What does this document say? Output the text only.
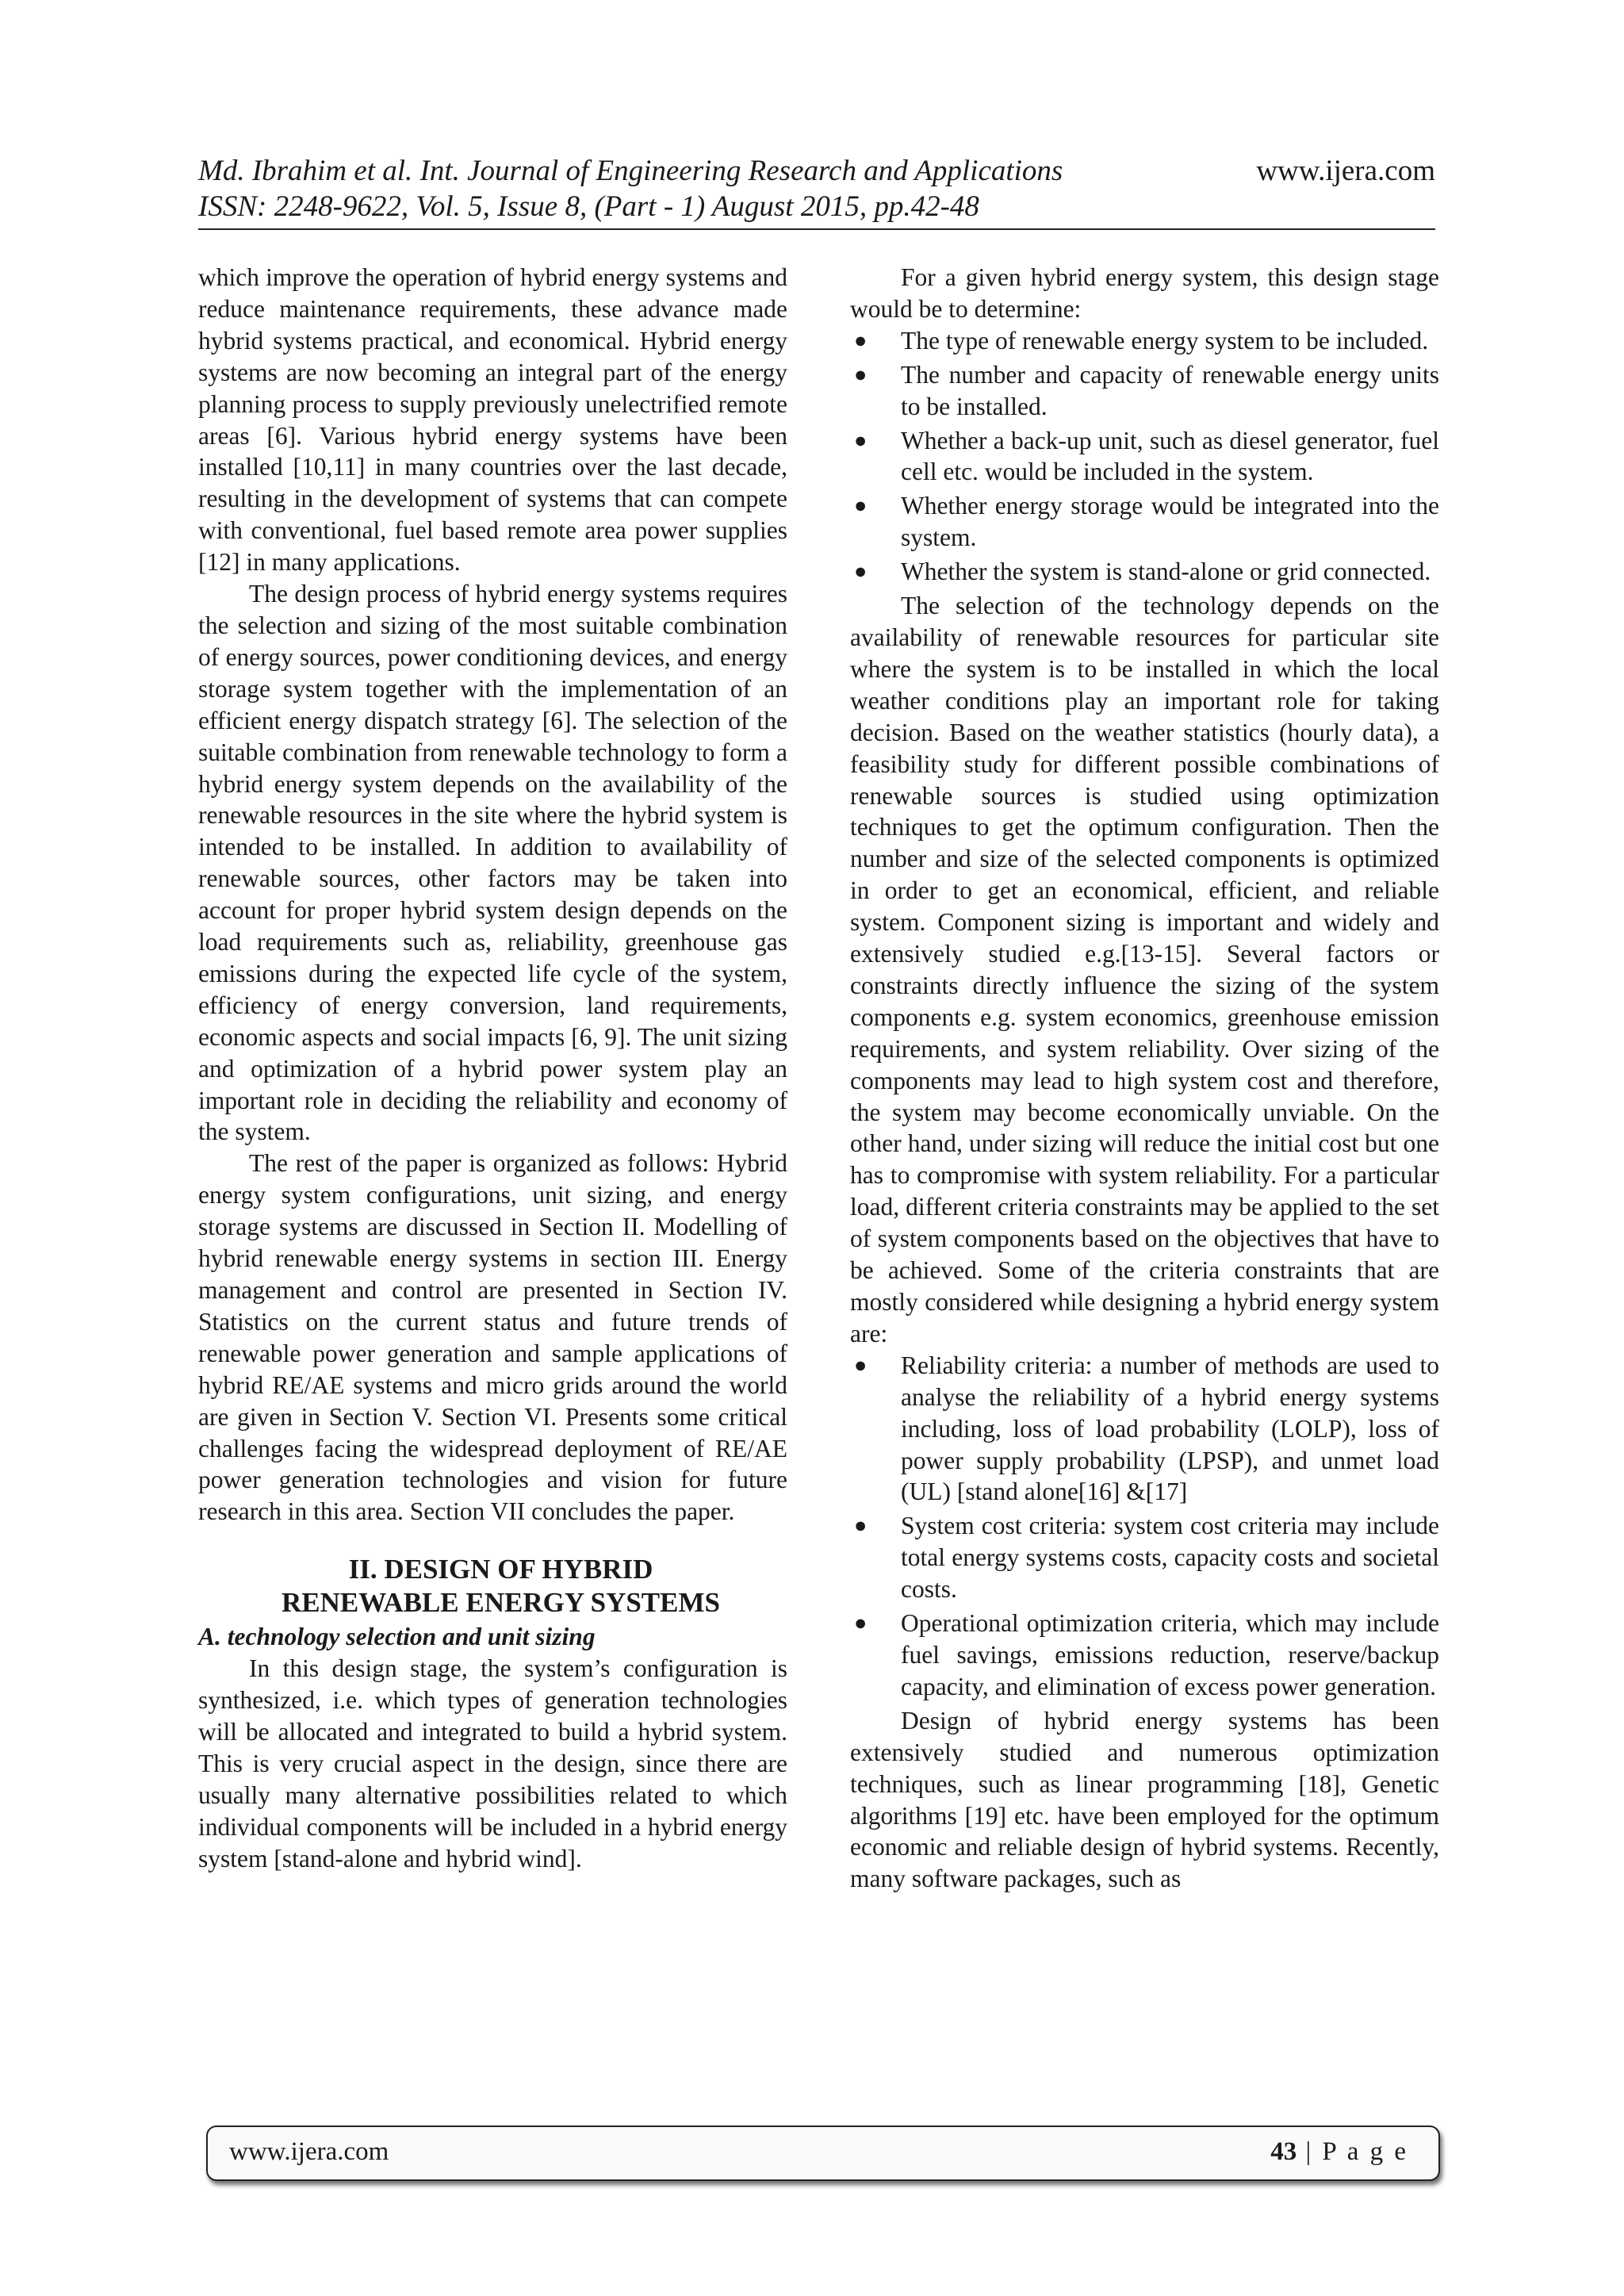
Md. Ibrahim et al. Int. Journal of Engineering Research and Applications	www.ijera.com
ISSN: 2248-9622, Vol. 5, Issue 8, (Part - 1) August 2015, pp.42-48

which improve the operation of hybrid energy systems and reduce maintenance requirements, these advance made hybrid systems practical, and economical. Hybrid energy systems are now becoming an integral part of the energy planning process to supply previously unelectrified remote areas [6]. Various hybrid energy systems have been installed [10,11] in many countries over the last decade, resulting in the development of systems that can compete with conventional, fuel based remote area power supplies [12] in many applications.

The design process of hybrid energy systems requires the selection and sizing of the most suitable combination of energy sources, power conditioning devices, and energy storage system together with the implementation of an efficient energy dispatch strategy [6]. The selection of the suitable combination from renewable technology to form a hybrid energy system depends on the availability of the renewable resources in the site where the hybrid system is intended to be installed. In addition to availability of renewable sources, other factors may be taken into account for proper hybrid system design depends on the load requirements such as, reliability, greenhouse gas emissions during the expected life cycle of the system, efficiency of energy conversion, land requirements, economic aspects and social impacts [6, 9]. The unit sizing and optimization of a hybrid power system play an important role in deciding the reliability and economy of the system.

The rest of the paper is organized as follows: Hybrid energy system configurations, unit sizing, and energy storage systems are discussed in Section II. Modelling of hybrid renewable energy systems in section III. Energy management and control are presented in Section IV. Statistics on the current status and future trends of renewable power generation and sample applications of hybrid RE/AE systems and micro grids around the world are given in Section V. Section VI. Presents some critical challenges facing the widespread deployment of RE/AE power generation technologies and vision for future research in this area. Section VII concludes the paper.

II. DESIGN OF HYBRID
RENEWABLE ENERGY SYSTEMS
A. technology selection and unit sizing

In this design stage, the system’s configuration is synthesized, i.e. which types of generation technologies will be allocated and integrated to build a hybrid system. This is very crucial aspect in the design, since there are usually many alternative possibilities related to which individual components will be included in a hybrid energy system [stand-alone and hybrid wind].

For a given hybrid energy system, this design stage would be to determine:

● The type of renewable energy system to be included.
● The number and capacity of renewable energy units to be installed.
● Whether a back-up unit, such as diesel generator, fuel cell etc. would be included in the system.
● Whether energy storage would be integrated into the system.
● Whether the system is stand-alone or grid connected.

The selection of the technology depends on the availability of renewable resources for particular site where the system is to be installed in which the local weather conditions play an important role for taking decision. Based on the weather statistics (hourly data), a feasibility study for different possible combinations of renewable sources is studied using optimization techniques to get the optimum configuration. Then the number and size of the selected components is optimized in order to get an economical, efficient, and reliable system. Component sizing is important and widely and extensively studied e.g.[13-15]. Several factors or constraints directly influence the sizing of the system components e.g. system economics, greenhouse emission requirements, and system reliability. Over sizing of the components may lead to high system cost and therefore, the system may become economically unviable. On the other hand, under sizing will reduce the initial cost but one has to compromise with system reliability. For a particular load, different criteria constraints may be applied to the set of system components based on the objectives that have to be achieved. Some of the criteria constraints that are mostly considered while designing a hybrid energy system are:

● Reliability criteria: a number of methods are used to analyse the reliability of a hybrid energy systems including, loss of load probability (LOLP), loss of power supply probability (LPSP), and unmet load (UL) [stand alone[16] &[17]
● System cost criteria: system cost criteria may include total energy systems costs, capacity costs and societal costs.
● Operational optimization criteria, which may include fuel savings, emissions reduction, reserve/backup capacity, and elimination of excess power generation.

Design of hybrid energy systems has been extensively studied and numerous optimization techniques, such as linear programming [18], Genetic algorithms [19] etc. have been employed for the optimum economic and reliable design of hybrid systems. Recently, many software packages, such as

www.ijera.com	43 | P a g e
